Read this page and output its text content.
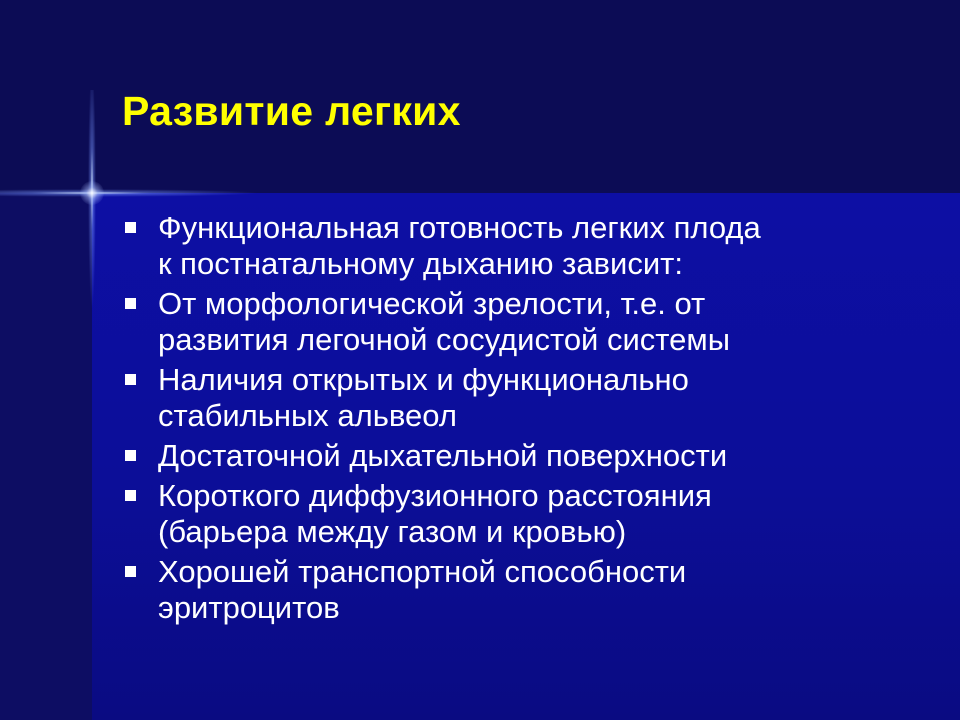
Развитие легких
Функциональная готовность легких плода
к постнатальному дыханию зависит:
От морфологической зрелости, т.е. от
развития легочной сосудистой системы
Наличия открытых и функционально
стабильных альвеол
Достаточной дыхательной поверхности
Короткого диффузионного расстояния
(барьера между газом и кровью)
Хорошей транспортной способности
эритроцитов
